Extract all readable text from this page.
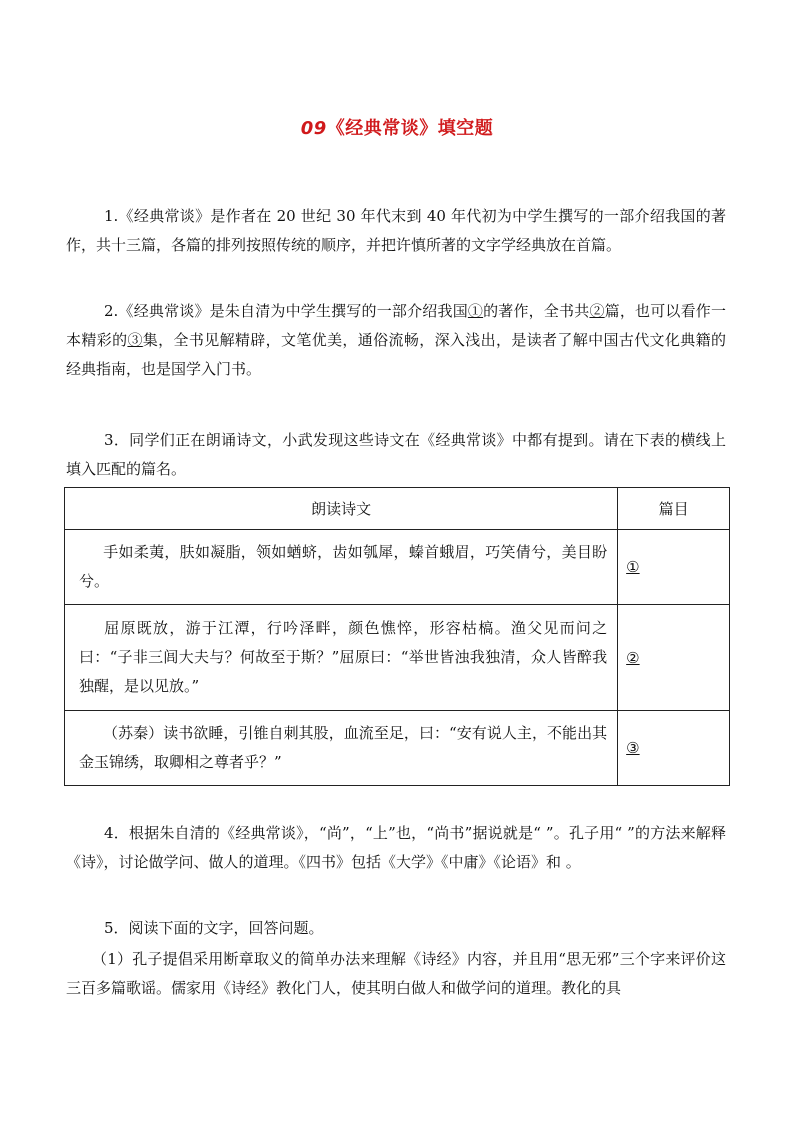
09《经典常谈》填空题

1.《经典常谈》是作者在 20 世纪 30 年代末到 40 年代初为中学生撰写的一部介绍我国的著作，共十三篇，各篇的排列按照传统的顺序，并把许慎所著的文字学经典放在首篇。

2.《经典常谈》是朱自清为中学生撰写的一部介绍我国①的著作，全书共②篇，也可以看作一本精彩的③集，全书见解精辟，文笔优美，通俗流畅，深入浅出，是读者了解中国古代文化典籍的经典指南，也是国学入门书。

3．同学们正在朗诵诗文，小武发现这些诗文在《经典常谈》中都有提到。请在下表的横线上填入匹配的篇名。

朗读诗文	篇目
手如柔荑，肤如凝脂，领如蝤蛴，齿如瓠犀，螓首蛾眉，巧笑倩兮，美目盼兮。	①
屈原既放，游于江潭，行吟泽畔，颜色憔悴，形容枯槁。渔父见而问之曰：“子非三闾大夫与？何故至于斯？”屈原曰：“举世皆浊我独清，众人皆醉我独醒，是以见放。”	②
（苏秦）读书欲睡，引锥自刺其股，血流至足，曰：“安有说人主，不能出其金玉锦绣，取卿相之尊者乎？”	③

4．根据朱自清的《经典常谈》，“尚”，“上”也，“尚书”据说就是“ ”。孔子用“ ”的方法来解释《诗》，讨论做学问、做人的道理。《四书》包括《大学》《中庸》《论语》和 。

5．阅读下面的文字，回答问题。

（1）孔子提倡采用断章取义的简单办法来理解《诗经》内容，并且用“思无邪”三个字来评价这三百多篇歌谣。儒家用《诗经》教化门人，使其明白做人和做学问的道理。教化的具
